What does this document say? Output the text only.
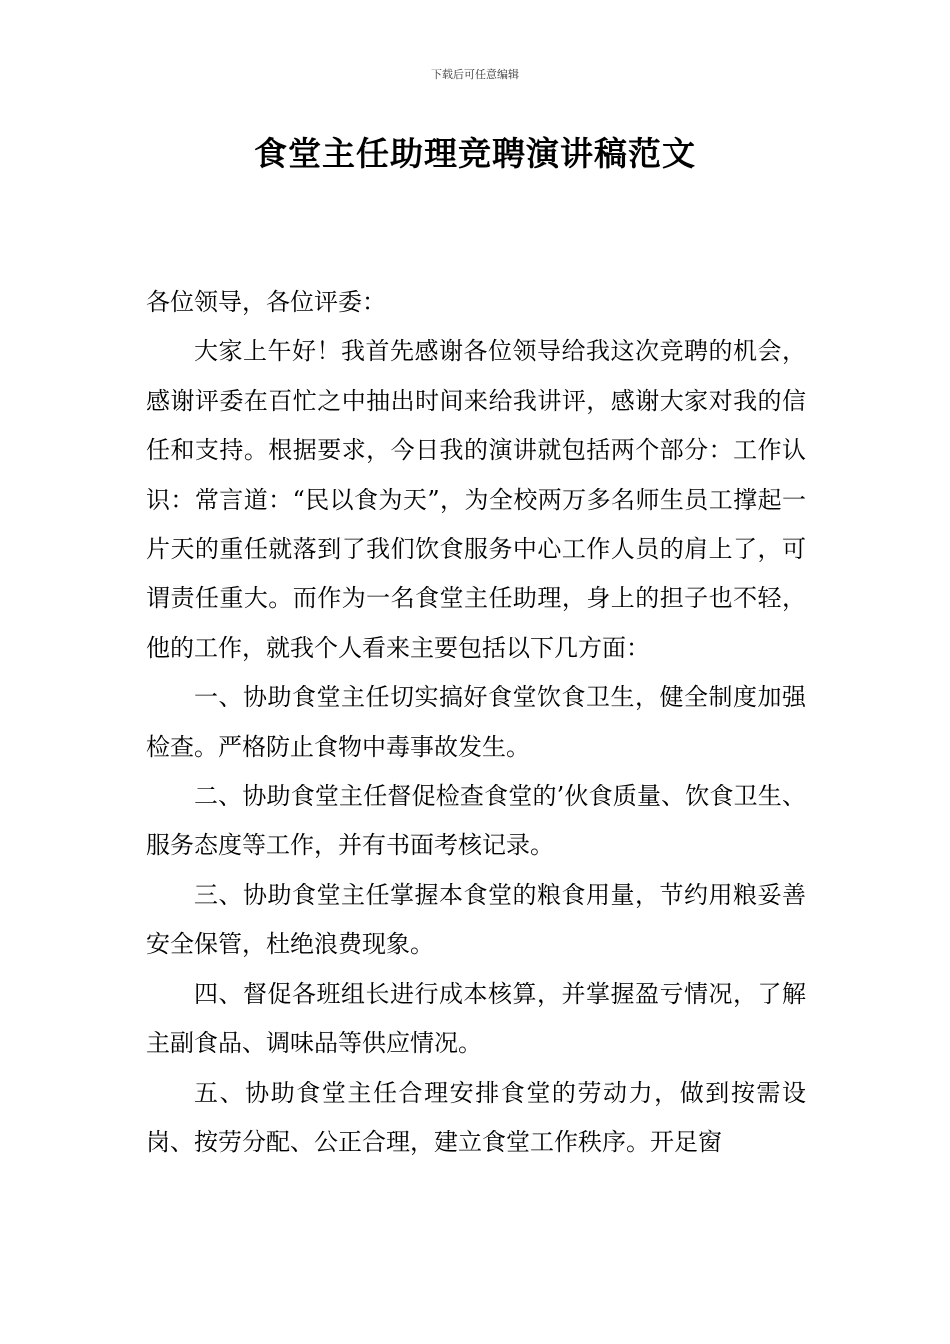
下载后可任意编辑
食堂主任助理竞聘演讲稿范文

各位领导，各位评委：

大家上午好！我首先感谢各位领导给我这次竞聘的机会，感谢评委在百忙之中抽出时间来给我讲评，感谢大家对我的信任和支持。根据要求，今日我的演讲就包括两个部分：工作认识：常言道：“民以食为天”，为全校两万多名师生员工撑起一片天的重任就落到了我们饮食服务中心工作人员的肩上了，可谓责任重大。而作为一名食堂主任助理，身上的担子也不轻，他的工作，就我个人看来主要包括以下几方面：

一、协助食堂主任切实搞好食堂饮食卫生，健全制度加强检查。严格防止食物中毒事故发生。

二、协助食堂主任督促检查食堂的’伙食质量、饮食卫生、服务态度等工作，并有书面考核记录。

三、协助食堂主任掌握本食堂的粮食用量，节约用粮妥善安全保管，杜绝浪费现象。

四、督促各班组长进行成本核算，并掌握盈亏情况，了解主副食品、调味品等供应情况。

五、协助食堂主任合理安排食堂的劳动力，做到按需设岗、按劳分配、公正合理，建立食堂工作秩序。开足窗
